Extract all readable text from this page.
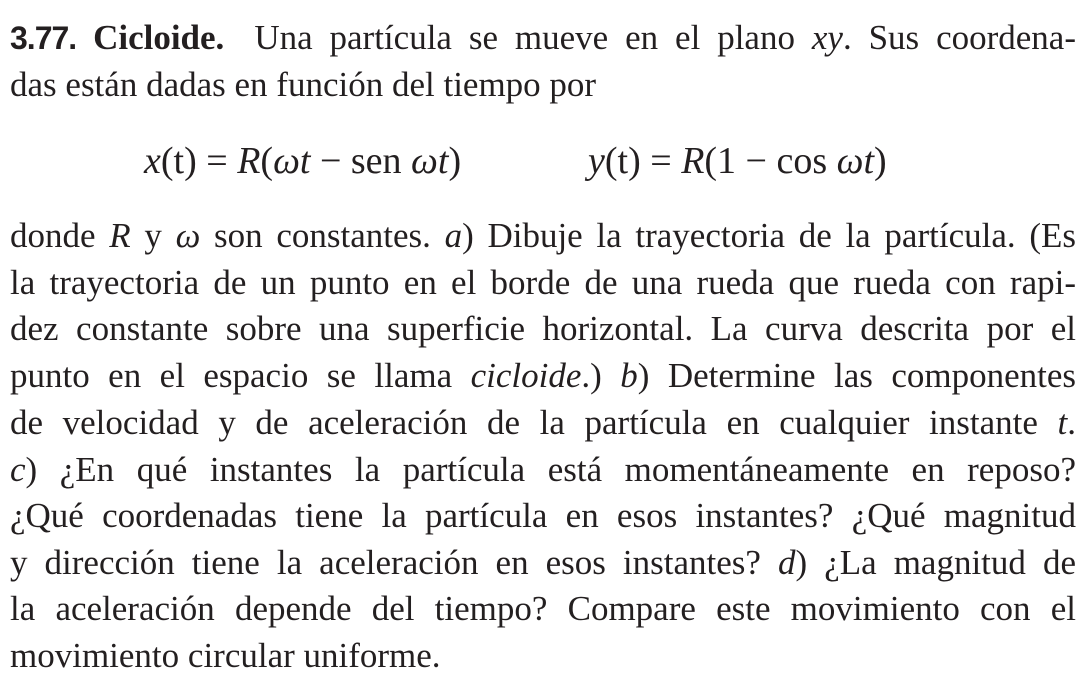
3.77. Cicloide. Una partícula se mueve en el plano xy. Sus coordena-
das están dadas en función del tiempo por
x(t) = R(ωt − sen ωt)	y(t) = R(1 − cos ωt)
donde R y ω son constantes. a) Dibuje la trayectoria de la partícula. (Es
la trayectoria de un punto en el borde de una rueda que rueda con rapi-
dez constante sobre una superficie horizontal. La curva descrita por el
punto en el espacio se llama cicloide.) b) Determine las componentes
de velocidad y de aceleración de la partícula en cualquier instante t.
c) ¿En qué instantes la partícula está momentáneamente en reposo?
¿Qué coordenadas tiene la partícula en esos instantes? ¿Qué magnitud
y dirección tiene la aceleración en esos instantes? d) ¿La magnitud de
la aceleración depende del tiempo? Compare este movimiento con el
movimiento circular uniforme.
